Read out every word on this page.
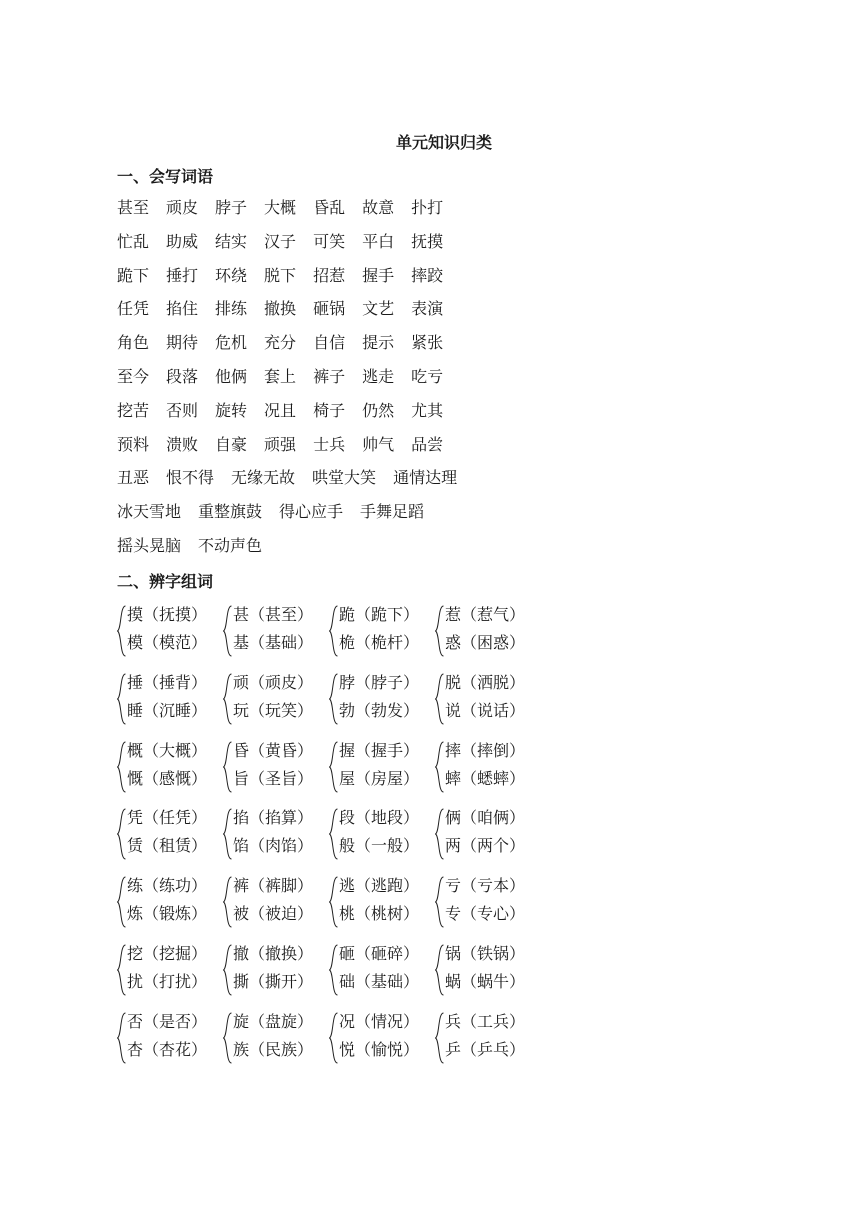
单元知识归类
一、会写词语
甚至 顽皮 脖子 大概 昏乱 故意 扑打
忙乱 助威 结实 汉子 可笑 平白 抚摸
跪下 捶打 环绕 脱下 招惹 握手 摔跤
任凭 掐住 排练 撤换 砸锅 文艺 表演
角色 期待 危机 充分 自信 提示 紧张
至今 段落 他俩 套上 裤子 逃走 吃亏
挖苦 否则 旋转 况且 椅子 仍然 尤其
预料 溃败 自豪 顽强 士兵 帅气 品尝
丑恶 恨不得 无缘无故 哄堂大笑 通情达理
冰天雪地 重整旗鼓 得心应手 手舞足蹈
摇头晃脑 不动声色
二、辨字组词
摸（抚摸）
模（模范）
甚（甚至）
基（基础）
跪（跪下）
桅（桅杆）
惹（惹气）
惑（困惑）
捶（捶背）
睡（沉睡）
顽（顽皮）
玩（玩笑）
脖（脖子）
勃（勃发）
脱（洒脱）
说（说话）
概（大概）
慨（感慨）
昏（黄昏）
旨（圣旨）
握（握手）
屋（房屋）
摔（摔倒）
蟀（蟋蟀）
凭（任凭）
赁（租赁）
掐（掐算）
馅（肉馅）
段（地段）
般（一般）
俩（咱俩）
两（两个）
练（练功）
炼（锻炼）
裤（裤脚）
被（被迫）
逃（逃跑）
桃（桃树）
亏（亏本）
专（专心）
挖（挖掘）
扰（打扰）
撤（撤换）
撕（撕开）
砸（砸碎）
础（基础）
锅（铁锅）
蜗（蜗牛）
否（是否）
杏（杏花）
旋（盘旋）
族（民族）
况（情况）
悦（愉悦）
兵（工兵）
乒（乒乓）
